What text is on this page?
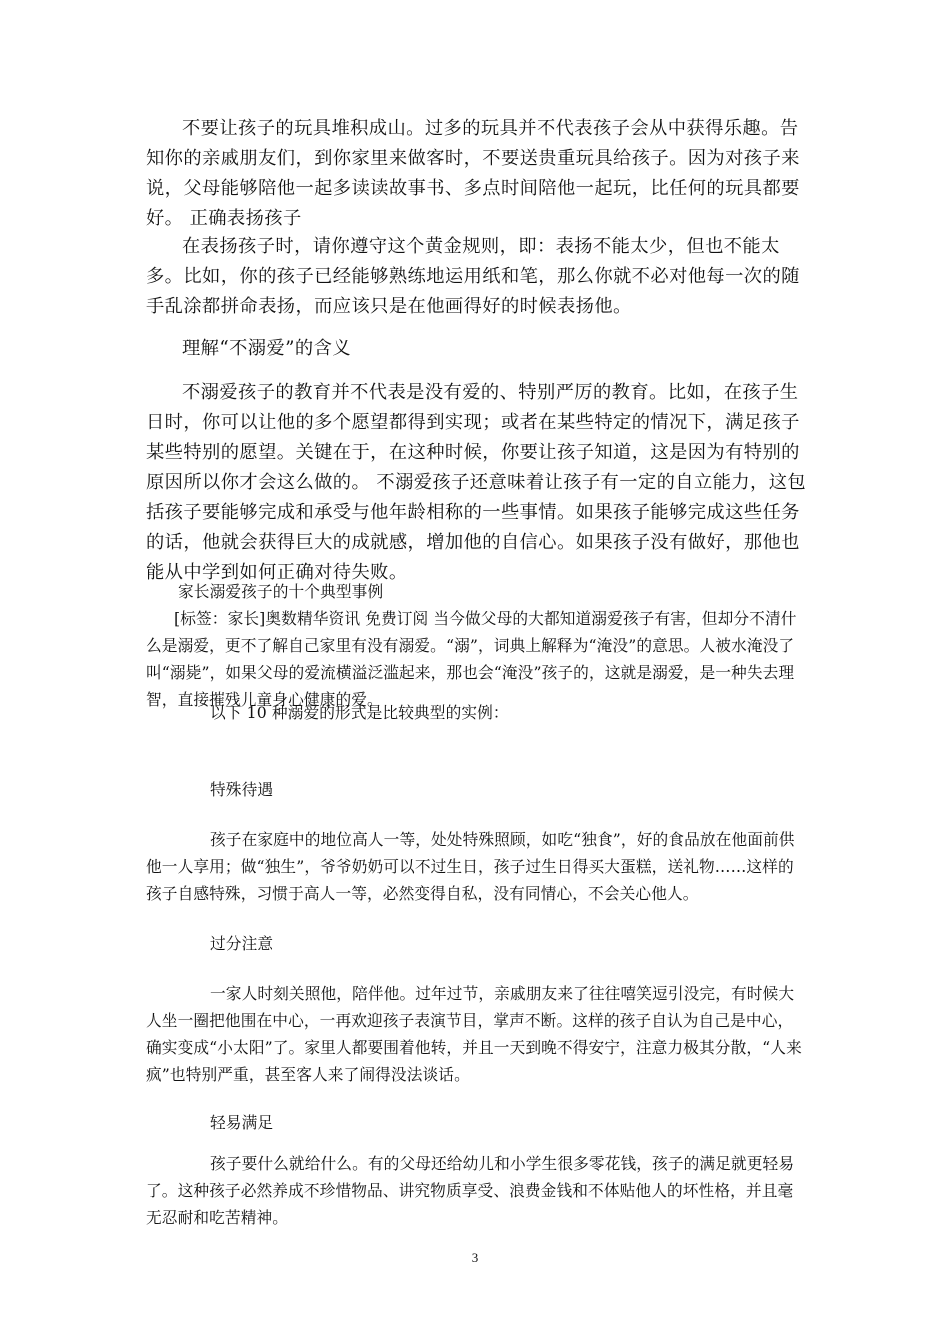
不要让孩子的玩具堆积成山。过多的玩具并不代表孩子会从中获得乐趣。告知你的亲戚朋友们，到你家里来做客时，不要送贵重玩具给孩子。因为对孩子来说，父母能够陪他一起多读读故事书、多点时间陪他一起玩，比任何的玩具都要好。 正确表扬孩子

在表扬孩子时，请你遵守这个黄金规则，即：表扬不能太少，但也不能太多。比如，你的孩子已经能够熟练地运用纸和笔，那么你就不必对他每一次的随手乱涂都拼命表扬，而应该只是在他画得好的时候表扬他。

理解“不溺爱”的含义

不溺爱孩子的教育并不代表是没有爱的、特别严厉的教育。比如，在孩子生日时，你可以让他的多个愿望都得到实现；或者在某些特定的情况下，满足孩子某些特别的愿望。关键在于，在这种时候，你要让孩子知道，这是因为有特别的原因所以你才会这么做的。 不溺爱孩子还意味着让孩子有一定的自立能力，这包括孩子要能够完成和承受与他年龄相称的一些事情。如果孩子能够完成这些任务的话，他就会获得巨大的成就感，增加他的自信心。如果孩子没有做好，那他也能从中学到如何正确对待失败。

家长溺爱孩子的十个典型事例

[标签：家长]奥数精华资讯 免费订阅 当今做父母的大都知道溺爱孩子有害，但却分不清什么是溺爱，更不了解自己家里有没有溺爱。“溺”，词典上解释为“淹没”的意思。人被水淹没了叫“溺毙”，如果父母的爱流横溢泛滥起来，那也会“淹没”孩子的，这就是溺爱，是一种失去理智，直接摧残儿童身心健康的爱。

以下 10 种溺爱的形式是比较典型的实例：

特殊待遇

孩子在家庭中的地位高人一等，处处特殊照顾，如吃“独食”，好的食品放在他面前供他一人享用；做“独生”，爷爷奶奶可以不过生日，孩子过生日得买大蛋糕，送礼物……这样的孩子自感特殊，习惯于高人一等，必然变得自私，没有同情心，不会关心他人。

过分注意

一家人时刻关照他，陪伴他。过年过节，亲戚朋友来了往往嘻笑逗引没完，有时候大人坐一圈把他围在中心，一再欢迎孩子表演节目，掌声不断。这样的孩子自认为自己是中心，确实变成“小太阳”了。家里人都要围着他转，并且一天到晚不得安宁，注意力极其分散，“人来疯”也特别严重，甚至客人来了闹得没法谈话。

轻易满足

孩子要什么就给什么。有的父母还给幼儿和小学生很多零花钱，孩子的满足就更轻易了。这种孩子必然养成不珍惜物品、讲究物质享受、浪费金钱和不体贴他人的坏性格，并且毫无忍耐和吃苦精神。

3
